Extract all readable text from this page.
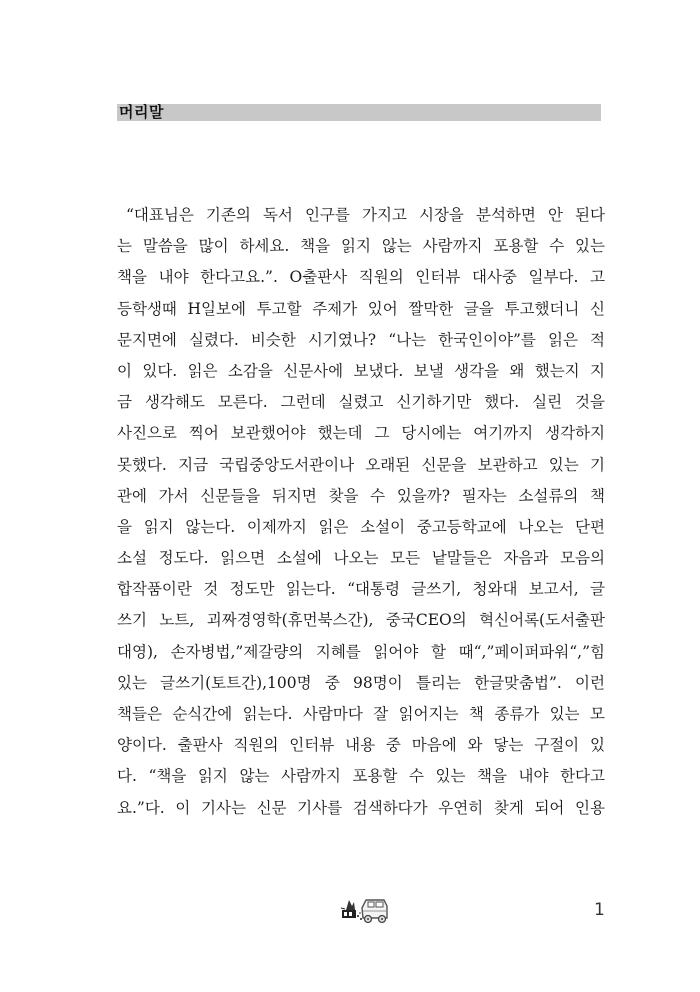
머리말
“대표님은 기존의 독서 인구를 가지고 시장을 분석하면 안 된다
는 말씀을 많이 하세요. 책을 읽지 않는 사람까지 포용할 수 있는
책을 내야 한다고요.”. O출판사 직원의 인터뷰 대사중 일부다. 고
등학생때 H일보에 투고할 주제가 있어 짤막한 글을 투고했더니 신
문지면에 실렸다. 비슷한 시기였나? “나는 한국인이야”를 읽은 적
이 있다. 읽은 소감을 신문사에 보냈다. 보낼 생각을 왜 했는지 지
금 생각해도 모른다. 그런데 실렸고 신기하기만 했다. 실린 것을
사진으로 찍어 보관했어야 했는데 그 당시에는 여기까지 생각하지
못했다. 지금 국립중앙도서관이나 오래된 신문을 보관하고 있는 기
관에 가서 신문들을 뒤지면 찾을 수 있을까? 필자는 소설류의 책
을 읽지 않는다. 이제까지 읽은 소설이 중고등학교에 나오는 단편
소설 정도다. 읽으면 소설에 나오는 모든 낱말들은 자음과 모음의
합작품이란 것 정도만 읽는다. “대통령 글쓰기, 청와대 보고서, 글
쓰기 노트, 괴짜경영학(휴먼북스간), 중국CEO의 혁신어록(도서출판
대영), 손자병법,”제갈량의 지혜를 읽어야 할 때“,”페이퍼파워“,”힘
있는 글쓰기(토트간),100명 중 98명이 틀리는 한글맞춤법”. 이런
책들은 순식간에 읽는다. 사람마다 잘 읽어지는 책 종류가 있는 모
양이다. 출판사 직원의 인터뷰 내용 중 마음에 와 닿는 구절이 있
다. “책을 읽지 않는 사람까지 포용할 수 있는 책을 내야 한다고
요.”다. 이 기사는 신문 기사를 검색하다가 우연히 찾게 되어 인용
1
